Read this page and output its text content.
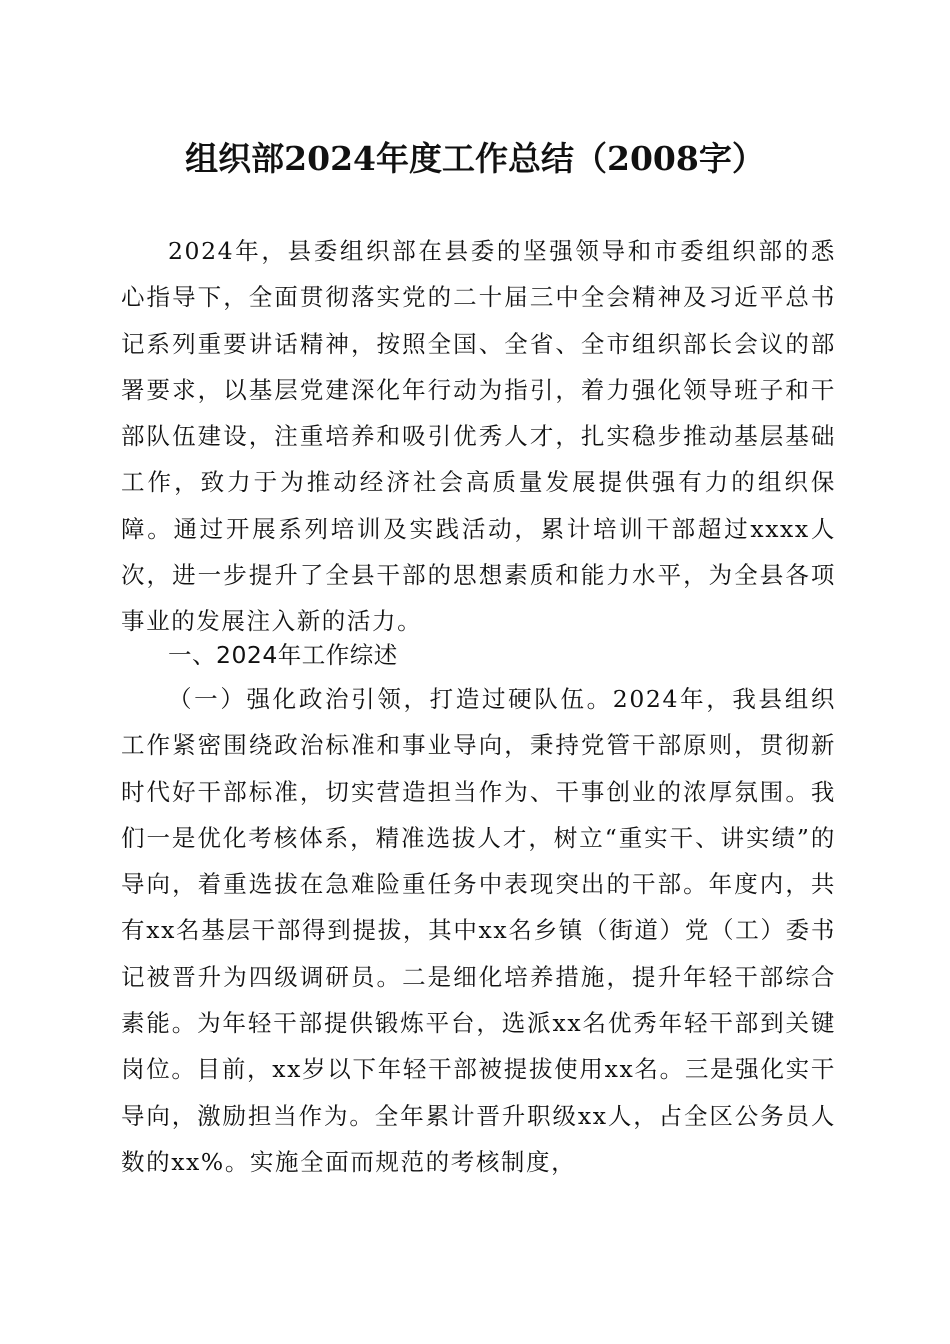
组织部2024年度工作总结（2008字）

2024年，县委组织部在县委的坚强领导和市委组织部的悉心指导下，全面贯彻落实党的二十届三中全会精神及习近平总书记系列重要讲话精神，按照全国、全省、全市组织部长会议的部署要求，以基层党建深化年行动为指引，着力强化领导班子和干部队伍建设，注重培养和吸引优秀人才，扎实稳步推动基层基础工作，致力于为推动经济社会高质量发展提供强有力的组织保障。通过开展系列培训及实践活动，累计培训干部超过xxxx人次，进一步提升了全县干部的思想素质和能力水平，为全县各项事业的发展注入新的活力。

一、2024年工作综述

（一）强化政治引领，打造过硬队伍。2024年，我县组织工作紧密围绕政治标准和事业导向，秉持党管干部原则，贯彻新时代好干部标准，切实营造担当作为、干事创业的浓厚氛围。我们一是优化考核体系，精准选拔人才，树立“重实干、讲实绩”的导向，着重选拔在急难险重任务中表现突出的干部。年度内，共有xx名基层干部得到提拔，其中xx名乡镇（街道）党（工）委书记被晋升为四级调研员。二是细化培养措施，提升年轻干部综合素能。为年轻干部提供锻炼平台，选派xx名优秀年轻干部到关键岗位。目前，xx岁以下年轻干部被提拔使用xx名。三是强化实干导向，激励担当作为。全年累计晋升职级xx人，占全区公务员人数的xx%。实施全面而规范的考核制度，
